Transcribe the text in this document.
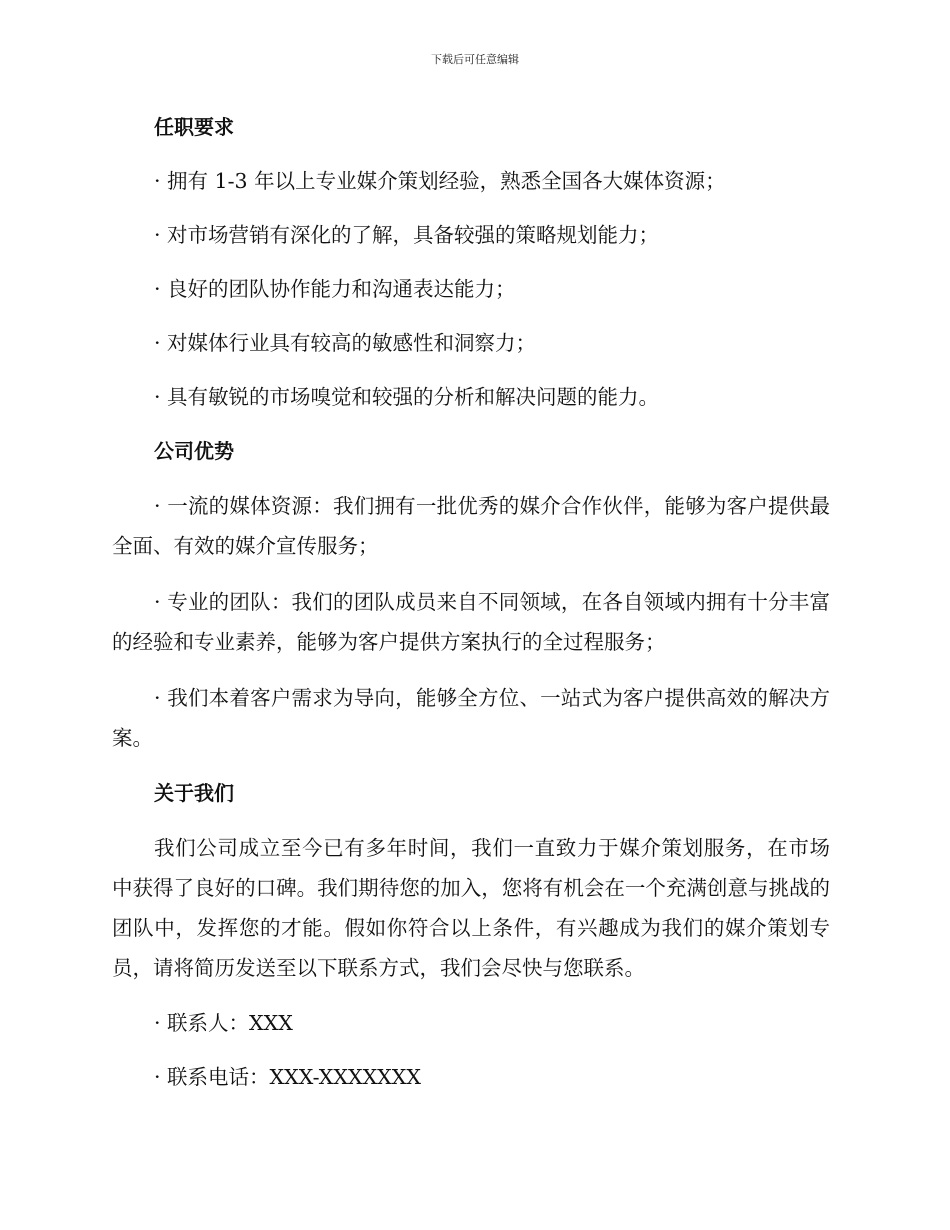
下载后可任意编辑
任职要求
· 拥有 1-3 年以上专业媒介策划经验，熟悉全国各大媒体资源；
· 对市场营销有深化的了解，具备较强的策略规划能力；
· 良好的团队协作能力和沟通表达能力；
· 对媒体行业具有较高的敏感性和洞察力；
· 具有敏锐的市场嗅觉和较强的分析和解决问题的能力。
公司优势
· 一流的媒体资源：我们拥有一批优秀的媒介合作伙伴，能够为客户提供最全面、有效的媒介宣传服务；
· 专业的团队：我们的团队成员来自不同领域，在各自领域内拥有十分丰富的经验和专业素养，能够为客户提供方案执行的全过程服务；
· 我们本着客户需求为导向，能够全方位、一站式为客户提供高效的解决方案。
关于我们
我们公司成立至今已有多年时间，我们一直致力于媒介策划服务，在市场中获得了良好的口碑。我们期待您的加入，您将有机会在一个充满创意与挑战的团队中，发挥您的才能。假如你符合以上条件，有兴趣成为我们的媒介策划专员，请将简历发送至以下联系方式，我们会尽快与您联系。
· 联系人：XXX
· 联系电话：XXX-XXXXXXX
